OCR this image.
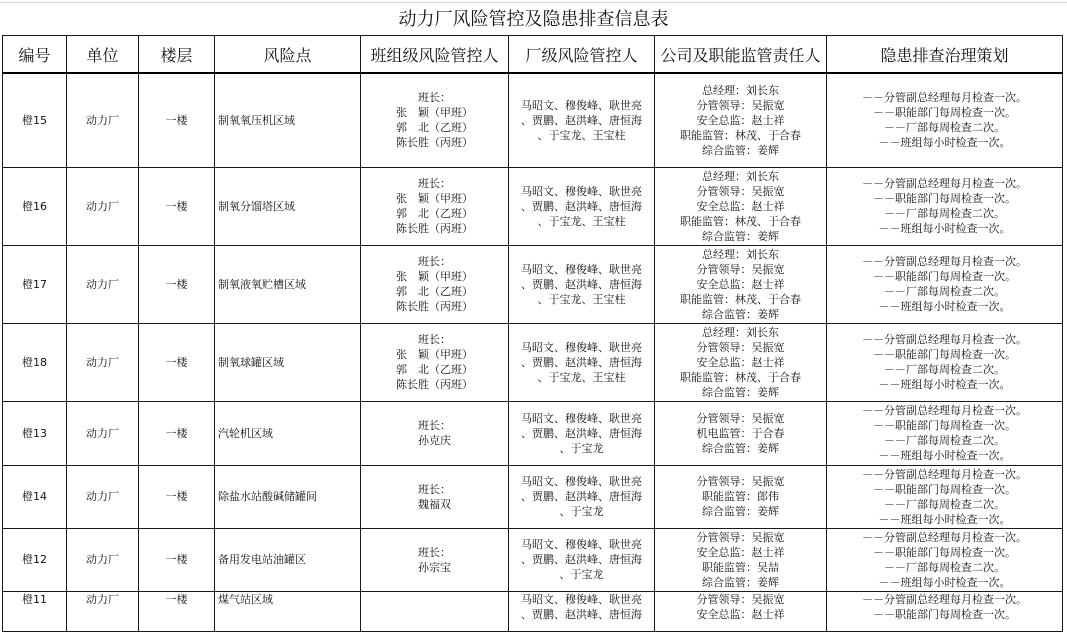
动力厂风险管控及隐患排查信息表
编号	单位	楼层	风险点	班组级风险管控人	厂级风险管控人	公司及职能监管责任人	隐患排查治理策划
橙15	动力厂	一楼	制氧氧压机区域	班长：
张　颖（甲班）
郭　北（乙班）
陈长胜（丙班）	马昭文、穆俊峰、耿世亮
、贾鹏、赵洪峰、唐恒海
、于宝龙、王宝柱	总经理：刘长东
分管领导：吴振宽
安全总监：赵士祥
职能监管：林茂、于合春
综合监管：姜辉	－－分管副总经理每月检查一次。
－－职能部门每周检查一次。
－－厂部每周检查二次。
－－班组每小时检查一次。

橙16	动力厂	一楼	制氧分馏塔区域	班长：
张　颖（甲班）
郭　北（乙班）
陈长胜（丙班）	马昭文、穆俊峰、耿世亮
、贾鹏、赵洪峰、唐恒海
、于宝龙、王宝柱	总经理：刘长东
分管领导：吴振宽
安全总监：赵士祥
职能监管：林茂、于合春
综合监管：姜辉	－－分管副总经理每月检查一次。
－－职能部门每周检查一次。
－－厂部每周检查二次。
－－班组每小时检查一次。

橙17	动力厂	一楼	制氧液氧贮槽区域	班长：
张　颖（甲班）
郭　北（乙班）
陈长胜（丙班）	马昭文、穆俊峰、耿世亮
、贾鹏、赵洪峰、唐恒海
、于宝龙、王宝柱	总经理：刘长东
分管领导：吴振宽
安全总监：赵士祥
职能监管：林茂、于合春
综合监管：姜辉	－－分管副总经理每月检查一次。
－－职能部门每周检查一次。
－－厂部每周检查二次。
－－班组每小时检查一次。

橙18	动力厂	一楼	制氧球罐区域	班长：
张　颖（甲班）
郭　北（乙班）
陈长胜（丙班）	马昭文、穆俊峰、耿世亮
、贾鹏、赵洪峰、唐恒海
、于宝龙、王宝柱	总经理：刘长东
分管领导：吴振宽
安全总监：赵士祥
职能监管：林茂、于合春
综合监管：姜辉	－－分管副总经理每月检查一次。
－－职能部门每周检查一次。
－－厂部每周检查二次。
－－班组每小时检查一次。

橙13	动力厂	一楼	汽轮机区域	班长：
孙克庆	马昭文、穆俊峰、耿世亮
、贾鹏、赵洪峰、唐恒海
、于宝龙	分管领导：吴振宽
机电监管：于合春
综合监管：姜辉	－－分管副总经理每月检查一次。
－－职能部门每周检查一次。
－－厂部每周检查二次。
－－班组每小时检查一次。

橙14	动力厂	一楼	除盐水站酸碱储罐间	班长：
魏福双	马昭文、穆俊峰、耿世亮
、贾鹏、赵洪峰、唐恒海
、于宝龙	分管领导：吴振宽
职能监管：郎伟
综合监管：姜辉	－－分管副总经理每月检查一次。
－－职能部门每周检查一次。
－－厂部每周检查二次。
－－班组每小时检查一次。

橙12	动力厂	一楼	备用发电站油罐区	班长：
孙宗宝	马昭文、穆俊峰、耿世亮
、贾鹏、赵洪峰、唐恒海
、于宝龙	分管领导：吴振宽
安全总监：赵士祥
职能监管：吴喆
综合监管：姜辉	－－分管副总经理每月检查一次。
－－职能部门每周检查一次。
－－厂部每周检查二次。
－－班组每小时检查一次。

橙11	动力厂	一楼	煤气站区域		马昭文、穆俊峰、耿世亮
、贾鹏、赵洪峰、唐恒海	分管领导：吴振宽
安全总监：赵士祥	－－分管副总经理每月检查一次。
－－职能部门每周检查一次。
